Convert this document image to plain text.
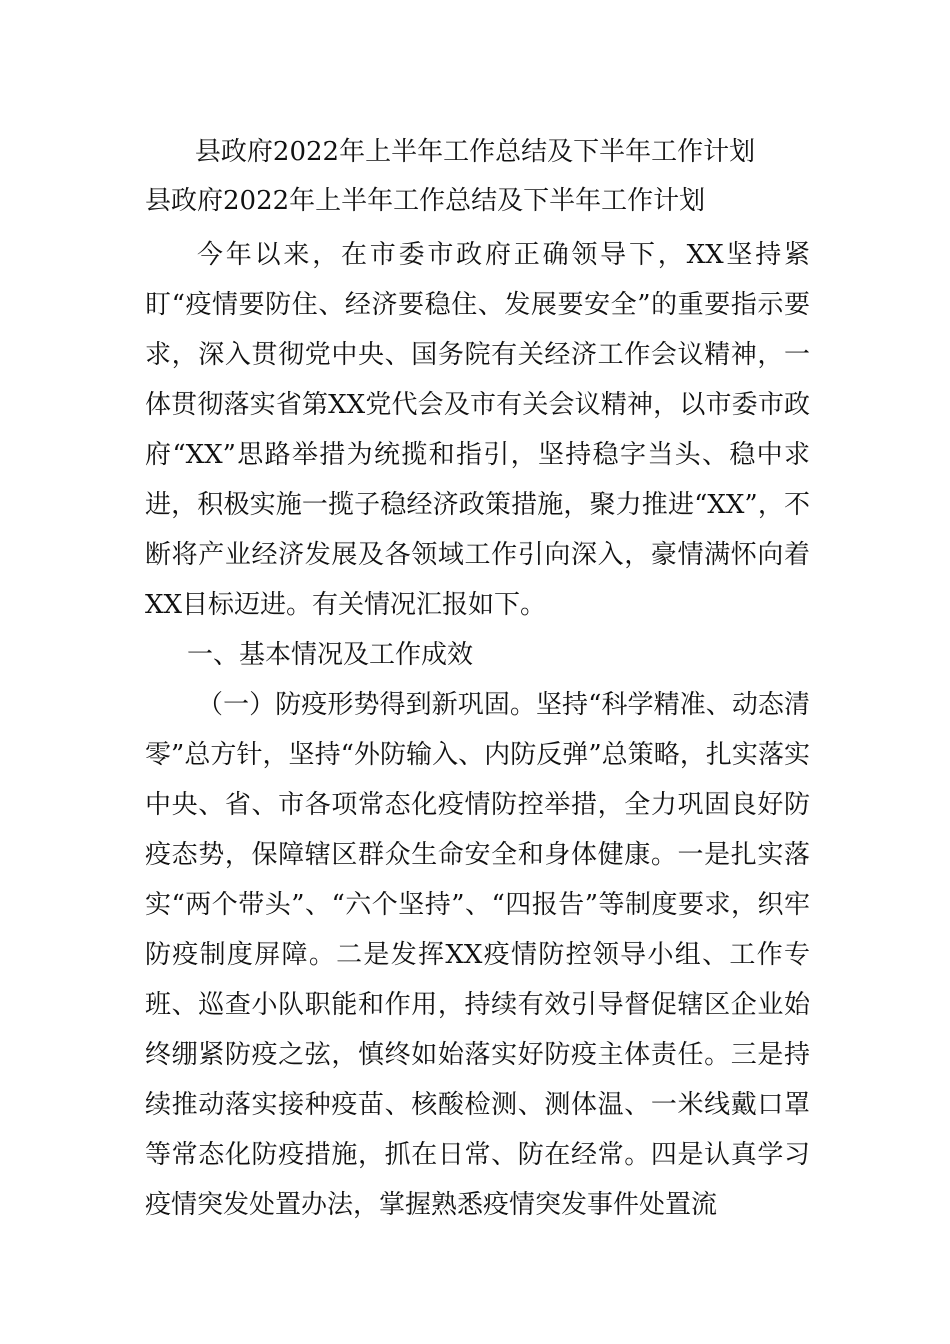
县政府2022年上半年工作总结及下半年工作计划
县政府2022年上半年工作总结及下半年工作计划

今年以来，在市委市政府正确领导下，XX坚持紧盯“疫情要防住、经济要稳住、发展要安全”的重要指示要求，深入贯彻党中央、国务院有关经济工作会议精神，一体贯彻落实省第XX党代会及市有关会议精神，以市委市政府“XX”思路举措为统揽和指引，坚持稳字当头、稳中求进，积极实施一揽子稳经济政策措施，聚力推进“XX”，不断将产业经济发展及各领域工作引向深入，豪情满怀向着XX目标迈进。有关情况汇报如下。

一、基本情况及工作成效

（一）防疫形势得到新巩固。坚持“科学精准、动态清零”总方针，坚持“外防输入、内防反弹”总策略，扎实落实中央、省、市各项常态化疫情防控举措，全力巩固良好防疫态势，保障辖区群众生命安全和身体健康。一是扎实落实“两个带头”、“六个坚持”、“四报告”等制度要求，织牢防疫制度屏障。二是发挥XX疫情防控领导小组、工作专班、巡查小队职能和作用，持续有效引导督促辖区企业始终绷紧防疫之弦，慎终如始落实好防疫主体责任。三是持续推动落实接种疫苗、核酸检测、测体温、一米线戴口罩等常态化防疫措施，抓在日常、防在经常。四是认真学习疫情突发处置办法，掌握熟悉疫情突发事件处置流
